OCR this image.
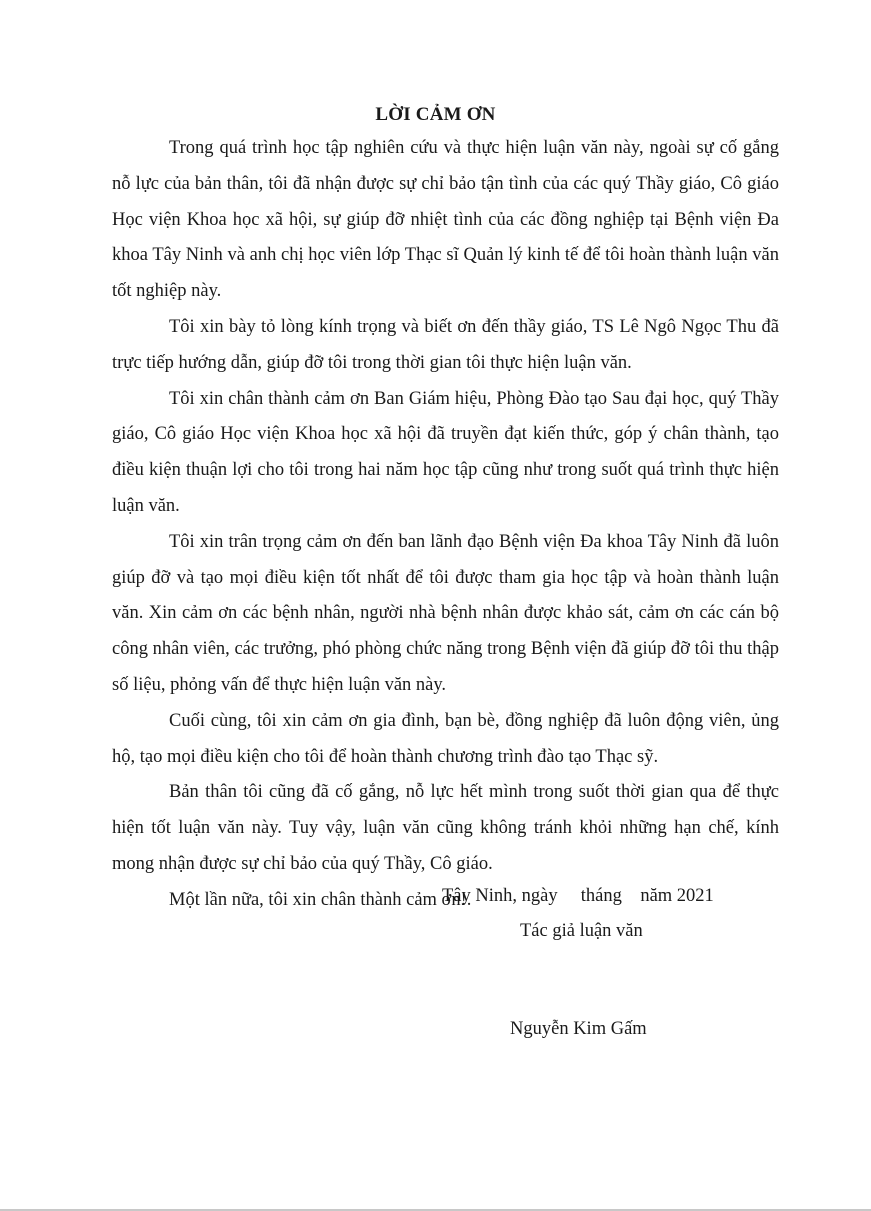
LỜI CẢM ƠN

Trong quá trình học tập nghiên cứu và thực hiện luận văn này, ngoài sự cố gắng nỗ lực của bản thân, tôi đã nhận được sự chỉ bảo tận tình của các quý Thầy giáo, Cô giáo Học viện Khoa học xã hội, sự giúp đỡ nhiệt tình của các đồng nghiệp tại Bệnh viện Đa khoa Tây Ninh và anh chị học viên lớp Thạc sĩ Quản lý kinh tế để tôi hoàn thành luận văn tốt nghiệp này.

Tôi xin bày tỏ lòng kính trọng và biết ơn đến thầy giáo, TS Lê Ngô Ngọc Thu đã trực tiếp hướng dẫn, giúp đỡ tôi trong thời gian tôi thực hiện luận văn.

Tôi xin chân thành cảm ơn Ban Giám hiệu, Phòng Đào tạo Sau đại học, quý Thầy giáo, Cô giáo Học viện Khoa học xã hội đã truyền đạt kiến thức, góp ý chân thành, tạo điều kiện thuận lợi cho tôi trong hai năm học tập cũng như trong suốt quá trình thực hiện luận văn.

Tôi xin trân trọng cảm ơn đến ban lãnh đạo Bệnh viện Đa khoa Tây Ninh đã luôn giúp đỡ và tạo mọi điều kiện tốt nhất để tôi được tham gia học tập và hoàn thành luận văn. Xin cảm ơn các bệnh nhân, người nhà bệnh nhân được khảo sát, cảm ơn các cán bộ công nhân viên, các trưởng, phó phòng chức năng trong Bệnh viện đã giúp đỡ tôi thu thập số liệu, phỏng vấn để thực hiện luận văn này.

Cuối cùng, tôi xin cảm ơn gia đình, bạn bè, đồng nghiệp đã luôn động viên, ủng hộ, tạo mọi điều kiện cho tôi để hoàn thành chương trình đào tạo Thạc sỹ.

Bản thân tôi cũng đã cố gắng, nỗ lực hết mình trong suốt thời gian qua để thực hiện tốt luận văn này. Tuy vậy, luận văn cũng không tránh khỏi những hạn chế, kính mong nhận được sự chỉ bảo của quý Thầy, Cô giáo.

Một lần nữa, tôi xin chân thành cảm ơn!.

Tây Ninh, ngày     tháng    năm 2021
Tác giả luận văn
Nguyễn Kim Gấm
